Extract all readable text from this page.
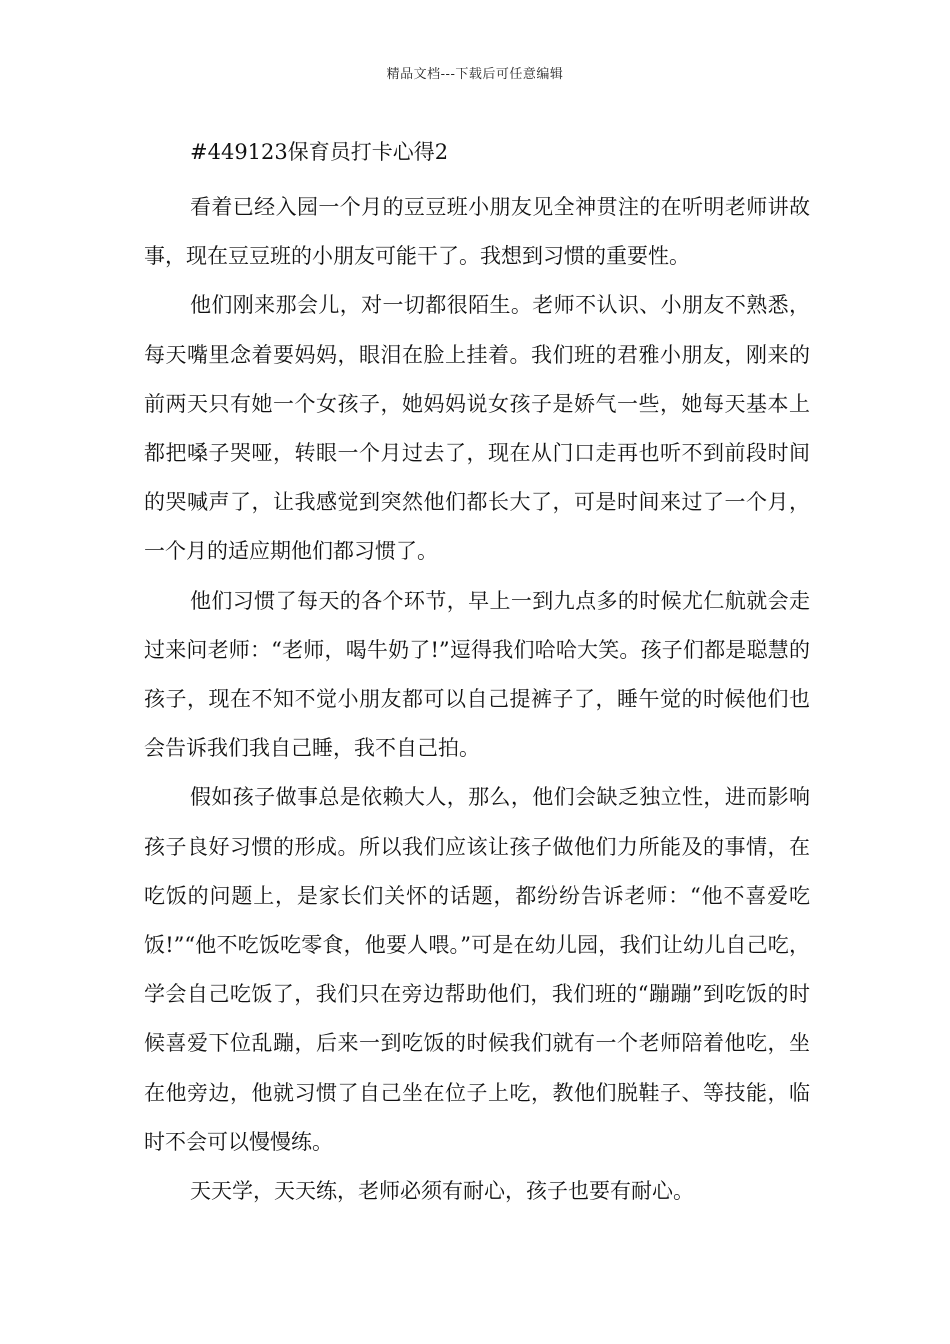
精品文档---下载后可任意编辑
#449123保育员打卡心得2

看着已经入园一个月的豆豆班小朋友见全神贯注的在听明老师讲故事，现在豆豆班的小朋友可能干了。我想到习惯的重要性。

他们刚来那会儿，对一切都很陌生。老师不认识、小朋友不熟悉，每天嘴里念着要妈妈，眼泪在脸上挂着。我们班的君雅小朋友，刚来的前两天只有她一个女孩子，她妈妈说女孩子是娇气一些，她每天基本上都把嗓子哭哑，转眼一个月过去了，现在从门口走再也听不到前段时间的哭喊声了，让我感觉到突然他们都长大了，可是时间来过了一个月，一个月的适应期他们都习惯了。

他们习惯了每天的各个环节，早上一到九点多的时候尤仁航就会走过来问老师：“老师，喝牛奶了!”逗得我们哈哈大笑。孩子们都是聪慧的孩子，现在不知不觉小朋友都可以自己提裤子了，睡午觉的时候他们也会告诉我们我自己睡，我不自己拍。

假如孩子做事总是依赖大人，那么，他们会缺乏独立性，进而影响孩子良好习惯的形成。所以我们应该让孩子做他们力所能及的事情，在吃饭的问题上，是家长们关怀的话题，都纷纷告诉老师：“他不喜爱吃饭!”“他不吃饭吃零食，他要人喂。”可是在幼儿园，我们让幼儿自己吃，学会自己吃饭了，我们只在旁边帮助他们，我们班的“蹦蹦”到吃饭的时候喜爱下位乱蹦，后来一到吃饭的时候我们就有一个老师陪着他吃，坐在他旁边，他就习惯了自己坐在位子上吃，教他们脱鞋子、等技能，临时不会可以慢慢练。

天天学，天天练，老师必须有耐心，孩子也要有耐心。
